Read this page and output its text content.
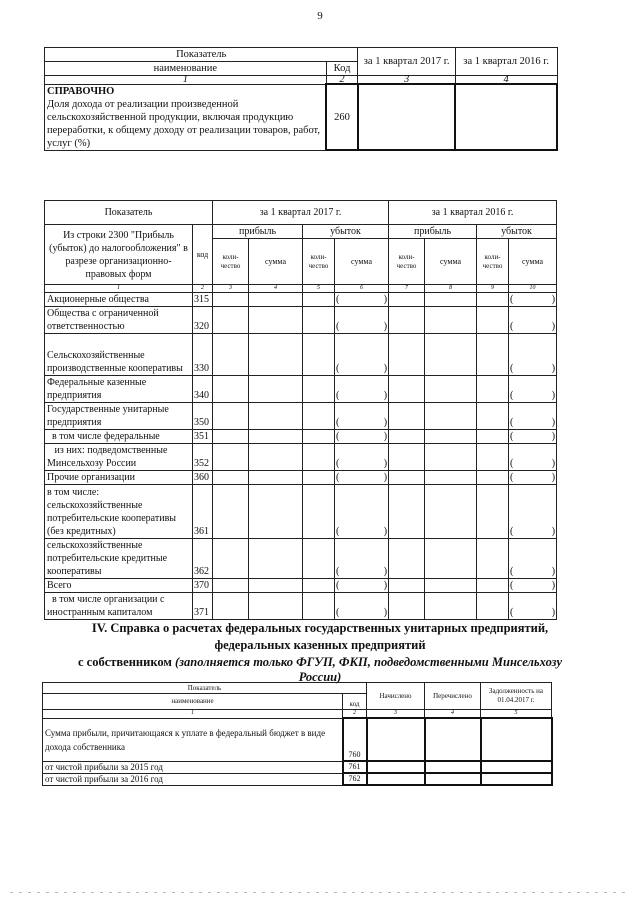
9
Показатель		за 1 квартал 2017 г.	за 1 квартал 2016 г.
наименование	Код		
1	2	3	4

СПРАВОЧНО
Доля дохода от реализации произведенной сельскохозяйственной продукции, включая продукцию переработки, к общему доходу от реализации товаров, работ, услуг (%)	260		
Показатель		за 1 квартал 2017 г.				за 1 квартал 2016 г.			
Из строки 2300 "Прибыль (убыток) до налогообложения" в разрезе организационно-правовых форм	код	прибыль		убыток		прибыль		убыток	
		коли-чество	сумма	коли-чество	сумма	коли-чество	сумма	коли-чество	сумма
1	2	3	4	5	6	7	8	9	10
Акционерные общества	315				( )				( )

Общества с ограниченной ответственностью	320				( )				( )

Сельскохозяйственные производственные кооперативы	330				( )				( )

Федеральные казенные предприятия	340				( )				( )

Государственные унитарные предприятия	350				( )				( )

в том числе федеральные	351				( )				( )

из них: подведомственные Минсельхозу России	352				( )				( )

Прочие организации	360				( )				( )

в том числе: сельскохозяйственные потребительские кооперативы (без кредитных)	361				( )				( )

сельскохозяйственные потребительские кредитные кооперативы	362				( )				( )

Всего	370				( )				( )

в том числе организации с иностранным капиталом	371				( )				( )
IV. Справка о расчетах федеральных государственных унитарных предприятий,
федеральных казенных предприятий
с собственником (заполняется только ФГУП, ФКП, подведомственными Минсельхозу
России)
Показатель		Начислено	Перечислено	Задолженность на 01.04.2017 г.
наименование	код			
1	2	3	4	5
Сумма прибыли, причитающаяся к уплате в федеральный бюджет в виде дохода собственника	760			
от чистой прибыли за 2015 год	761			
от чистой прибыли за 2016 год	762			
